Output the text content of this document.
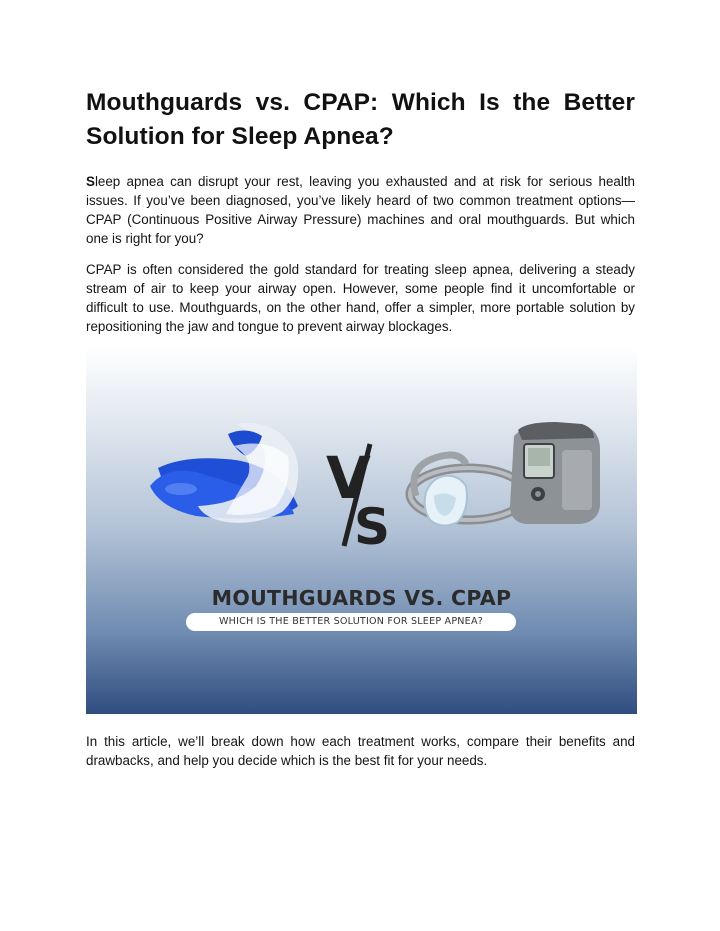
Mouthguards vs. CPAP: Which Is the Better Solution for Sleep Apnea?

Sleep apnea can disrupt your rest, leaving you exhausted and at risk for serious health issues. If you’ve been diagnosed, you’ve likely heard of two common treatment options—CPAP (Continuous Positive Airway Pressure) machines and oral mouthguards. But which one is right for you?

CPAP is often considered the gold standard for treating sleep apnea, delivering a steady stream of air to keep your airway open. However, some people find it uncomfortable or difficult to use. Mouthguards, on the other hand, offer a simpler, more portable solution by repositioning the jaw and tongue to prevent airway blockages.

V
S
MOUTHGUARDS VS. CPAP
WHICH IS THE BETTER SOLUTION FOR SLEEP APNEA?

In this article, we’ll break down how each treatment works, compare their benefits and drawbacks, and help you decide which is the best fit for your needs.
